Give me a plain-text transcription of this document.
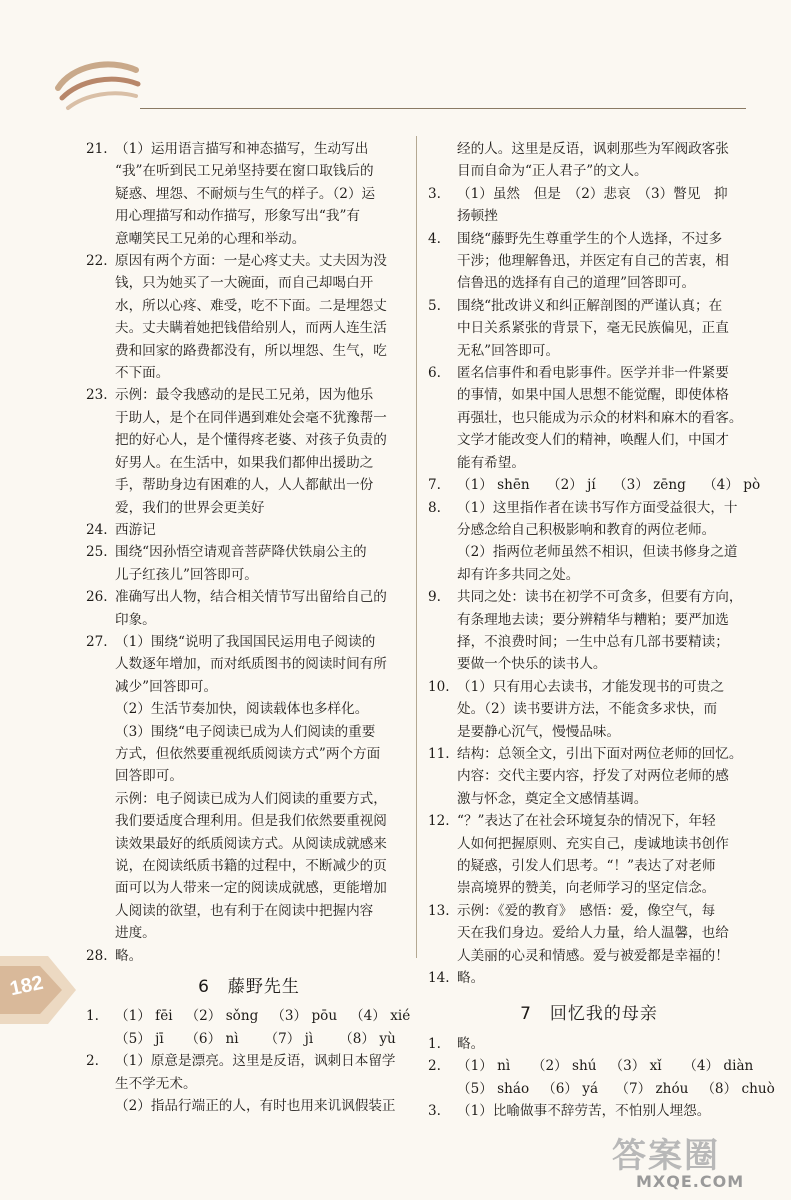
21. （1）运用语言描写和神态描写，生动写出
“我”在听到民工兄弟坚持要在窗口取钱后的
疑惑、埋怨、不耐烦与生气的样子。（2）运
用心理描写和动作描写，形象写出“我”有
意嘲笑民工兄弟的心理和举动。
22. 原因有两个方面：一是心疼丈夫。丈夫因为没
钱，只为她买了一大碗面，而自己却喝白开
水，所以心疼、难受，吃不下面。二是埋怨丈
夫。丈夫瞒着她把钱借给别人，而两人连生活
费和回家的路费都没有，所以埋怨、生气，吃
不下面。
23. 示例：最令我感动的是民工兄弟，因为他乐
于助人，是个在同伴遇到难处会毫不犹豫帮一
把的好心人，是个懂得疼老婆、对孩子负责的
好男人。在生活中，如果我们都伸出援助之
手，帮助身边有困难的人，人人都献出一份
爱，我们的世界会更美好
24. 西游记
25. 围绕“因孙悟空请观音菩萨降伏铁扇公主的
儿子红孩儿”回答即可。
26. 准确写出人物，结合相关情节写出留给自己的
印象。
27. （1）围绕“说明了我国国民运用电子阅读的
人数逐年增加，而对纸质图书的阅读时间有所
减少”回答即可。
（2）生活节奏加快，阅读载体也多样化。
（3）围绕“电子阅读已成为人们阅读的重要
方式，但依然要重视纸质阅读方式”两个方面
回答即可。
示例：电子阅读已成为人们阅读的重要方式，
我们要适度合理利用。但是我们依然要重视阅
读效果最好的纸质阅读方式。从阅读成就感来
说，在阅读纸质书籍的过程中，不断减少的页
面可以为人带来一定的阅读成就感，更能增加
人阅读的欲望，也有利于在阅读中把握内容
进度。
28. 略。
6 藤野先生
1.	（1） fēi   （2） sǒng   （3） pōu   （4） xié
（5） jī     （6） nì      （7） jì      （8） yù
2.	（1）原意是漂亮。这里是反语，讽刺日本留学
生不学无术。
（2）指品行端正的人，有时也用来讥讽假装正
经的人。这里是反语，讽刺那些为军阀政客张
目而自命为“正人君子”的文人。
3.	（1）虽然　但是　（2）悲哀　（3）瞥见　抑
扬顿挫
4.	围绕“藤野先生尊重学生的个人选择，不过多
干涉；他理解鲁迅，并医定有自己的苦衷，相
信鲁迅的选择有自己的道理”回答即可。
5.	围绕“批改讲义和纠正解剖图的严谨认真；在
中日关系紧张的背景下，毫无民族偏见，正直
无私”回答即可。
6.	匿名信事件和看电影事件。医学并非一件紧要
的事情，如果中国人思想不能觉醒，即使体格
再强壮，也只能成为示众的材料和麻木的看客。
文学才能改变人们的精神，唤醒人们，中国才
能有希望。
7.	（1） shēn    （2） jí    （3） zēng    （4） pò
8.	（1）这里指作者在读书写作方面受益很大，十
分感念给自己积极影响和教育的两位老师。
（2）指两位老师虽然不相识，但读书修身之道
却有许多共同之处。
9.	共同之处：读书在初学不可贪多，但要有方向，
有条理地去读；要分辨精华与糟粕；要严加选
择，不浪费时间；一生中总有几部书要精读；
要做一个快乐的读书人。
10. （1）只有用心去读书，才能发现书的可贵之
处。（2）读书要讲方法，不能贪多求快，而
是要静心沉气，慢慢品味。
11. 结构：总领全文，引出下面对两位老师的回忆。
内容：交代主要内容，抒发了对两位老师的感
激与怀念，奠定全文感情基调。
12. “？”表达了在社会环境复杂的情况下，年轻
人如何把握原则、充实自己，虔诚地读书创作
的疑惑，引发人们思考。“！”表达了对老师
崇高境界的赞美，向老师学习的坚定信念。
13. 示例：《爱的教育》　感悟：爱，像空气，每
天在我们身边。爱给人力量，给人温馨，也给
人美丽的心灵和情感。爱与被爱都是幸福的！
14. 略。
7 回忆我的母亲
1.	略。
2.	（1） nì     （2） shú   （3） xǐ     （4） diàn
（5） sháo   （6） yá    （7） zhóu   （8） chuò
3.	（1）比喻做事不辞劳苦，不怕别人埋怨。
182
答案圈
MXQE.COM
